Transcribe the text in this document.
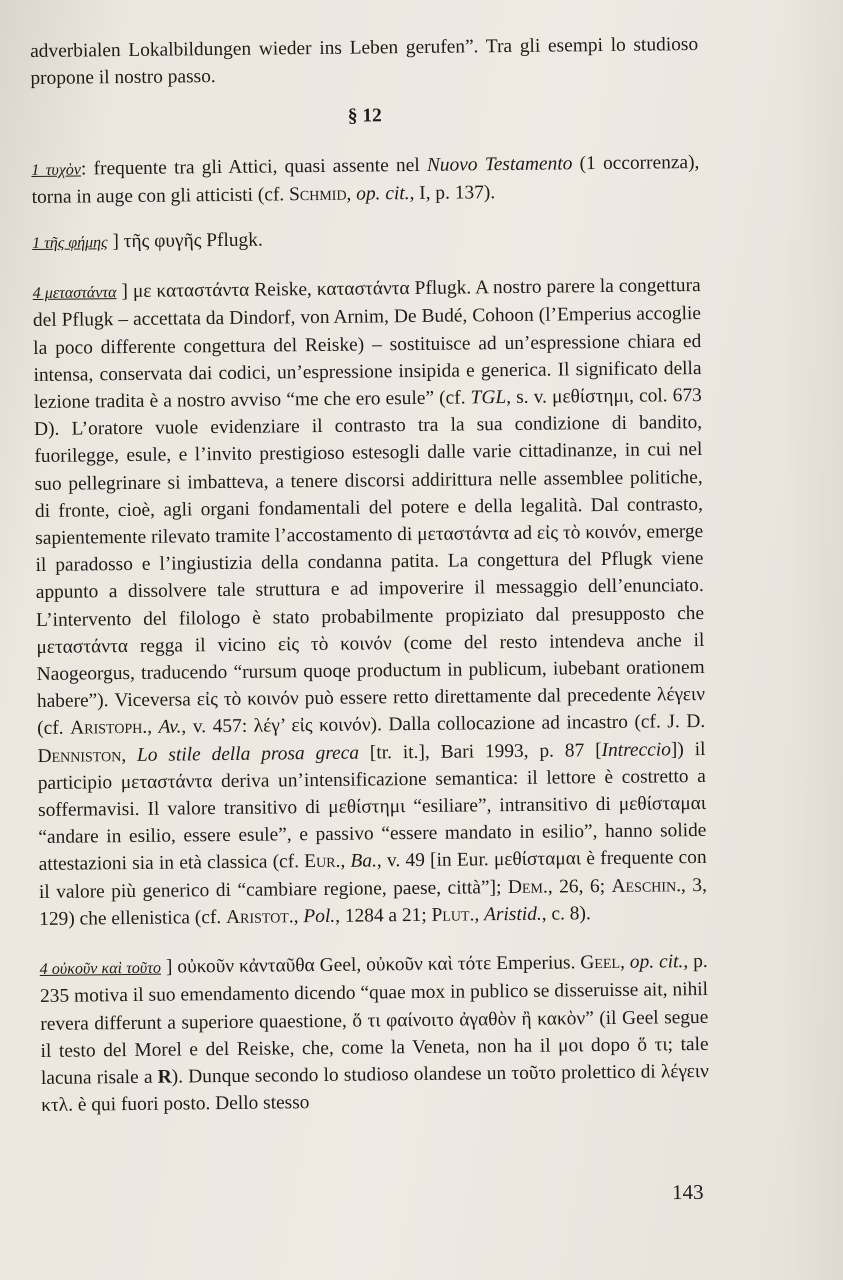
adverbialen Lokalbildungen wieder ins Leben gerufen”. Tra gli esempi lo studioso propone il nostro passo.

§ 12

1 τυχὸν: frequente tra gli Attici, quasi assente nel Nuovo Testamento (1 occorrenza), torna in auge con gli atticisti (cf. Schmid, op. cit., I, p. 137).

1 τῆς φήμης ] τῆς φυγῆς Pflugk.

4 μεταστάντα ] με καταστάντα Reiske, καταστάντα Pflugk. A nostro parere la congettura del Pflugk – accettata da Dindorf, von Arnim, De Budé, Cohoon (l’Emperius accoglie la poco differente congettura del Reiske) – sostituisce ad un’espressione chiara ed intensa, conservata dai codici, un’espressione insipida e generica. Il significato della lezione tradita è a nostro avviso “me che ero esule” (cf. TGL, s. v. μεθίστημι, col. 673 D). L’oratore vuole evidenziare il contrasto tra la sua condizione di bandito, fuorilegge, esule, e l’invito prestigioso estesogli dalle varie cittadinanze, in cui nel suo pellegrinare si imbatteva, a tenere discorsi addirittura nelle assemblee politiche, di fronte, cioè, agli organi fondamentali del potere e della legalità. Dal contrasto, sapientemente rilevato tramite l’accostamento di μεταστάντα ad εἰς τὸ κοινόν, emerge il paradosso e l’ingiustizia della condanna patita. La congettura del Pflugk viene appunto a dissolvere tale struttura e ad impoverire il messaggio dell’enunciato. L’intervento del filologo è stato probabilmente propiziato dal presupposto che μεταστάντα regga il vicino εἰς τὸ κοινόν (come del resto intendeva anche il Naogeorgus, traducendo “rursum quoqe productum in publicum, iubebant orationem habere”). Viceversa εἰς τὸ κοινόν può essere retto direttamente dal precedente λέγειν (cf. Aristoph., Av., v. 457: λέγ’ εἰς κοινόν). Dalla collocazione ad incastro (cf. J. D. Denniston, Lo stile della prosa greca [tr. it.], Bari 1993, p. 87 [Intreccio]) il participio μεταστάντα deriva un’intensificazione semantica: il lettore è costretto a soffermavisi. Il valore transitivo di μεθίστημι “esiliare”, intransitivo di μεθίσταμαι “andare in esilio, essere esule”, e passivo “essere mandato in esilio”, hanno solide attestazioni sia in età classica (cf. Eur., Ba., v. 49 [in Eur. μεθίσταμαι è frequente con il valore più generico di “cambiare regione, paese, città”]; Dem., 26, 6; Aeschin., 3, 129) che ellenistica (cf. Aristot., Pol., 1284 a 21; Plut., Aristid., c. 8).

4 οὐκοῦν καὶ τοῦτο ] οὐκοῦν κἀνταῦθα Geel, οὐκοῦν καὶ τότε Emperius. Geel, op. cit., p. 235 motiva il suo emendamento dicendo “quae mox in publico se disseruisse ait, nihil revera differunt a superiore quaestione, ὅ τι φαίνοιτο ἀγαθὸν ἢ κακὸν” (il Geel segue il testo del Morel e del Reiske, che, come la Veneta, non ha il μοι dopo ὅ τι; tale lacuna risale a R). Dunque secondo lo studioso olandese un τοῦτο prolettico di λέγειν κτλ. è qui fuori posto. Dello stesso

143
